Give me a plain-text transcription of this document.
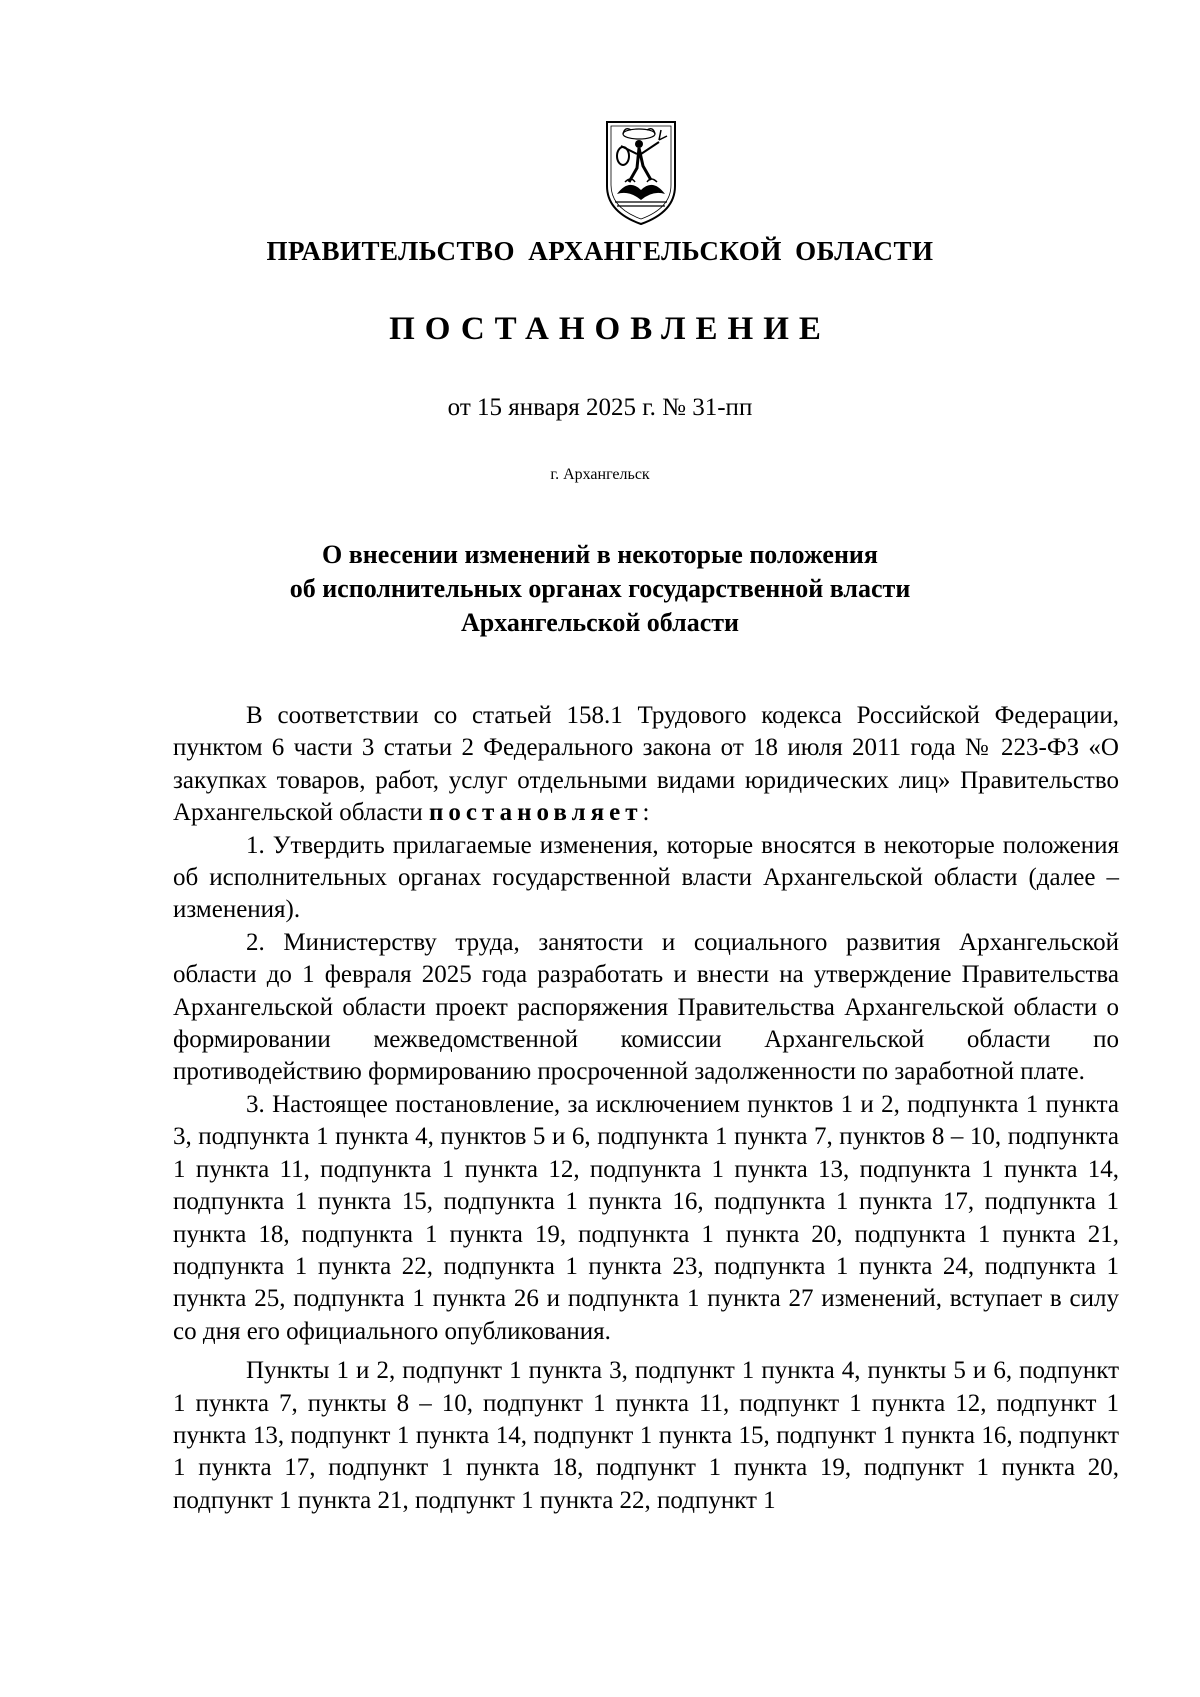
ПРАВИТЕЛЬСТВО АРХАНГЕЛЬСКОЙ ОБЛАСТИ

ПОСТАНОВЛЕНИЕ

от 15 января 2025 г. № 31-пп

г. Архангельск

О внесении изменений в некоторые положения
об исполнительных органах государственной власти
Архангельской области

В соответствии со статьей 158.1 Трудового кодекса Российской Федерации, пунктом 6 части 3 статьи 2 Федерального закона от 18 июля 2011 года № 223-ФЗ «О закупках товаров, работ, услуг отдельными видами юридических лиц» Правительство Архангельской области постановляет:

1. Утвердить прилагаемые изменения, которые вносятся в некоторые положения об исполнительных органах государственной власти Архангельской области (далее – изменения).

2. Министерству труда, занятости и социального развития Архангельской области до 1 февраля 2025 года разработать и внести на утверждение Правительства Архангельской области проект распоряжения Правительства Архангельской области о формировании межведомственной комиссии Архангельской области по противодействию формированию просроченной задолженности по заработной плате.

3. Настоящее постановление, за исключением пунктов 1 и 2, подпункта 1 пункта 3, подпункта 1 пункта 4, пунктов 5 и 6, подпункта 1 пункта 7, пунктов 8 – 10, подпункта 1 пункта 11, подпункта 1 пункта 12, подпункта 1 пункта 13, подпункта 1 пункта 14, подпункта 1 пункта 15, подпункта 1 пункта 16, подпункта 1 пункта 17, подпункта 1 пункта 18, подпункта 1 пункта 19, подпункта 1 пункта 20, подпункта 1 пункта 21, подпункта 1 пункта 22, подпункта 1 пункта 23, подпункта 1 пункта 24, подпункта 1 пункта 25, подпункта 1 пункта 26 и подпункта 1 пункта 27 изменений, вступает в силу со дня его официального опубликования.

Пункты 1 и 2, подпункт 1 пункта 3, подпункт 1 пункта 4, пункты 5 и 6, подпункт 1 пункта 7, пункты 8 – 10, подпункт 1 пункта 11, подпункт 1 пункта 12, подпункт 1 пункта 13, подпункт 1 пункта 14, подпункт 1 пункта 15, подпункт 1 пункта 16, подпункт 1 пункта 17, подпункт 1 пункта 18, подпункт 1 пункта 19, подпункт 1 пункта 20, подпункт 1 пункта 21, подпункт 1 пункта 22, подпункт 1
